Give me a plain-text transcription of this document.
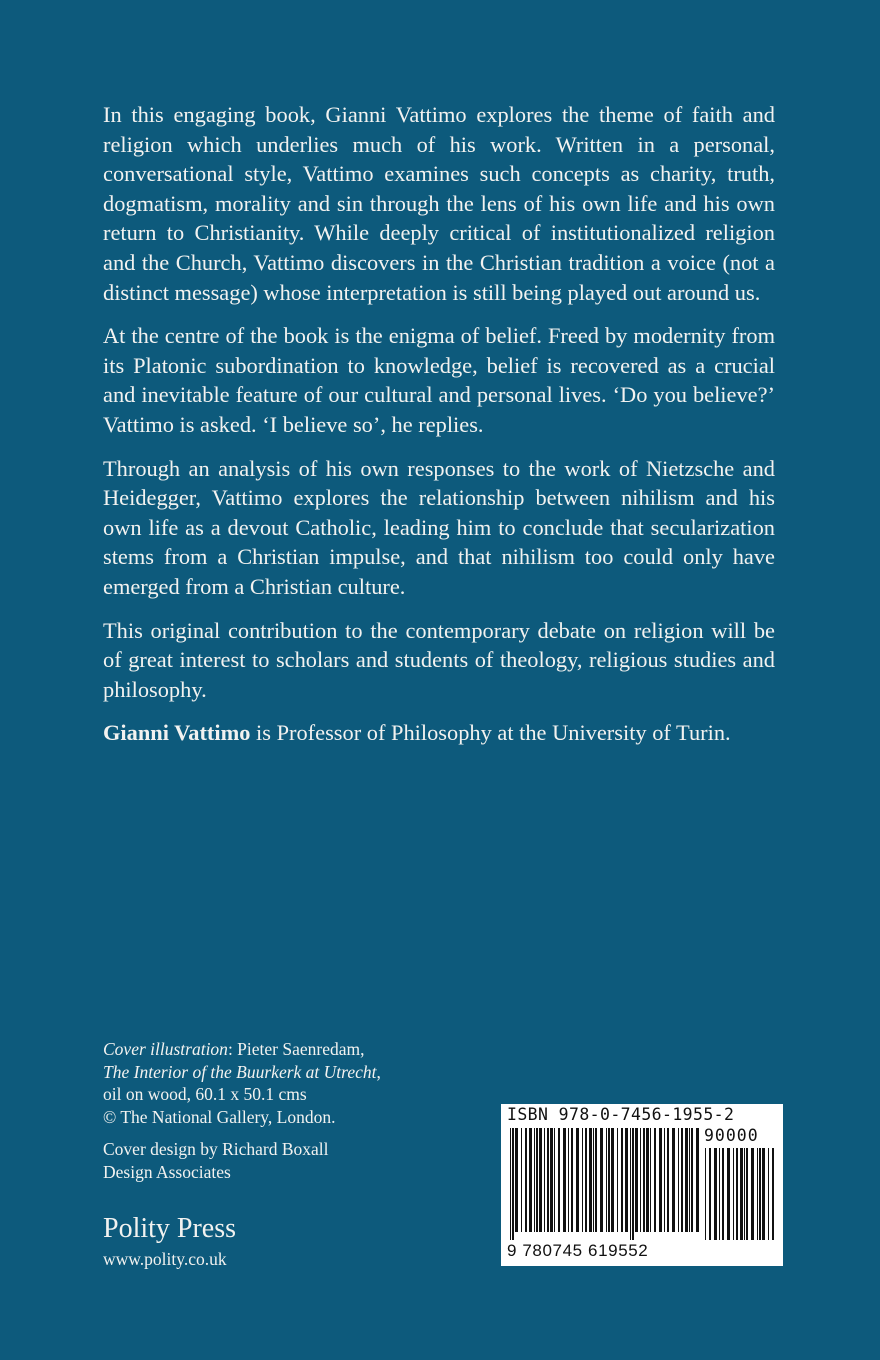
In this engaging book, Gianni Vattimo explores the theme of faith and religion which underlies much of his work. Written in a personal, conversational style, Vattimo examines such concepts as charity, truth, dogmatism, morality and sin through the lens of his own life and his own return to Christianity. While deeply critical of institutionalized religion and the Church, Vattimo discovers in the Christian tradition a voice (not a distinct message) whose interpretation is still being played out around us.

At the centre of the book is the enigma of belief. Freed by modernity from its Platonic subordination to knowledge, belief is recovered as a crucial and inevitable feature of our cultural and personal lives. ‘Do you believe?’ Vattimo is asked. ‘I believe so’, he replies.

Through an analysis of his own responses to the work of Nietzsche and Heidegger, Vattimo explores the relationship between nihilism and his own life as a devout Catholic, leading him to conclude that secularization stems from a Christian impulse, and that nihilism too could only have emerged from a Christian culture.

This original contribution to the contemporary debate on religion will be of great interest to scholars and students of theology, religious studies and philosophy.

Gianni Vattimo is Professor of Philosophy at the University of Turin.

Cover illustration: Pieter Saenredam,
The Interior of the Buurkerk at Utrecht,
oil on wood, 60.1 x 50.1 cms
© The National Gallery, London.

Cover design by Richard Boxall
Design Associates

Polity Press
www.polity.co.uk
ISBN 978-0-7456-1955-2
90000
9 780745 619552
